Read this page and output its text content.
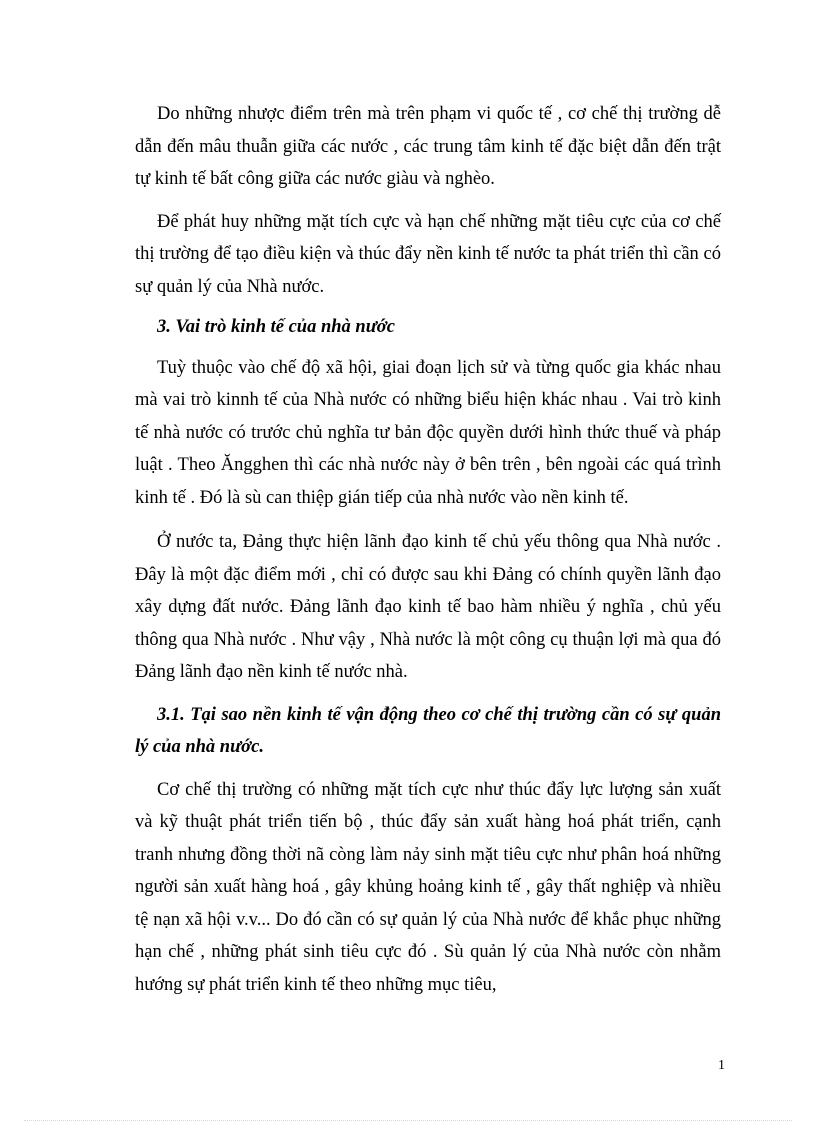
Do những nhược điểm trên mà trên phạm vi quốc tế , cơ chế thị trường dễ dẫn đến mâu thuẫn giữa các nước , các trung tâm kinh tế đặc biệt dẫn đến trật tự kinh tế bất công giữa các nước giàu và nghèo.

Để phát huy những mặt tích cực và hạn chế những mặt tiêu cực của cơ chế thị trường để tạo điều kiện và thúc đẩy nền kinh tế nước ta phát triển thì cần có sự quản lý của Nhà nước.

3. Vai trò kinh tế của nhà nước

Tuỳ thuộc vào chế độ xã hội, giai đoạn lịch sử và từng quốc gia khác nhau mà vai trò kinnh tế của Nhà nước có những biểu hiện khác nhau . Vai trò kinh tế nhà nước có trước chủ nghĩa tư bản độc quyền dưới hình thức thuế và pháp luật . Theo Ăngghen thì các nhà nước này ở bên trên , bên ngoài các quá trình kinh tế . Đó là sù can thiệp gián tiếp của nhà nước vào nền kinh tế.

Ở nước ta, Đảng thực hiện lãnh đạo kinh tế chủ yếu thông qua Nhà nước . Đây là một đặc điểm mới , chỉ có được sau khi Đảng có chính quyền lãnh đạo xây dựng đất nước. Đảng lãnh đạo kinh tế bao hàm nhiều ý nghĩa , chủ yếu thông qua Nhà nước . Như vậy , Nhà nước là một công cụ thuận lợi mà qua đó Đảng lãnh đạo nền kinh tế nước nhà.

3.1. Tại sao nền kinh tế vận động theo cơ chế thị trường cần có sự quản lý của nhà nước.

Cơ chế thị trường có những mặt tích cực như thúc đẩy lực lượng sản xuất và kỹ thuật phát triển tiến bộ , thúc đẩy sản xuất hàng hoá phát triển, cạnh tranh nhưng đồng thời nã còng làm nảy sinh mặt tiêu cực như phân hoá những người sản xuất hàng hoá , gây khủng hoảng kinh tế , gây thất nghiệp và nhiều tệ nạn xã hội v.v... Do đó cần có sự quản lý của Nhà nước để khắc phục những hạn chế , những phát sinh tiêu cực đó . Sù quản lý của Nhà nước còn nhằm hướng sự phát triển kinh tế theo những mục tiêu,

1
